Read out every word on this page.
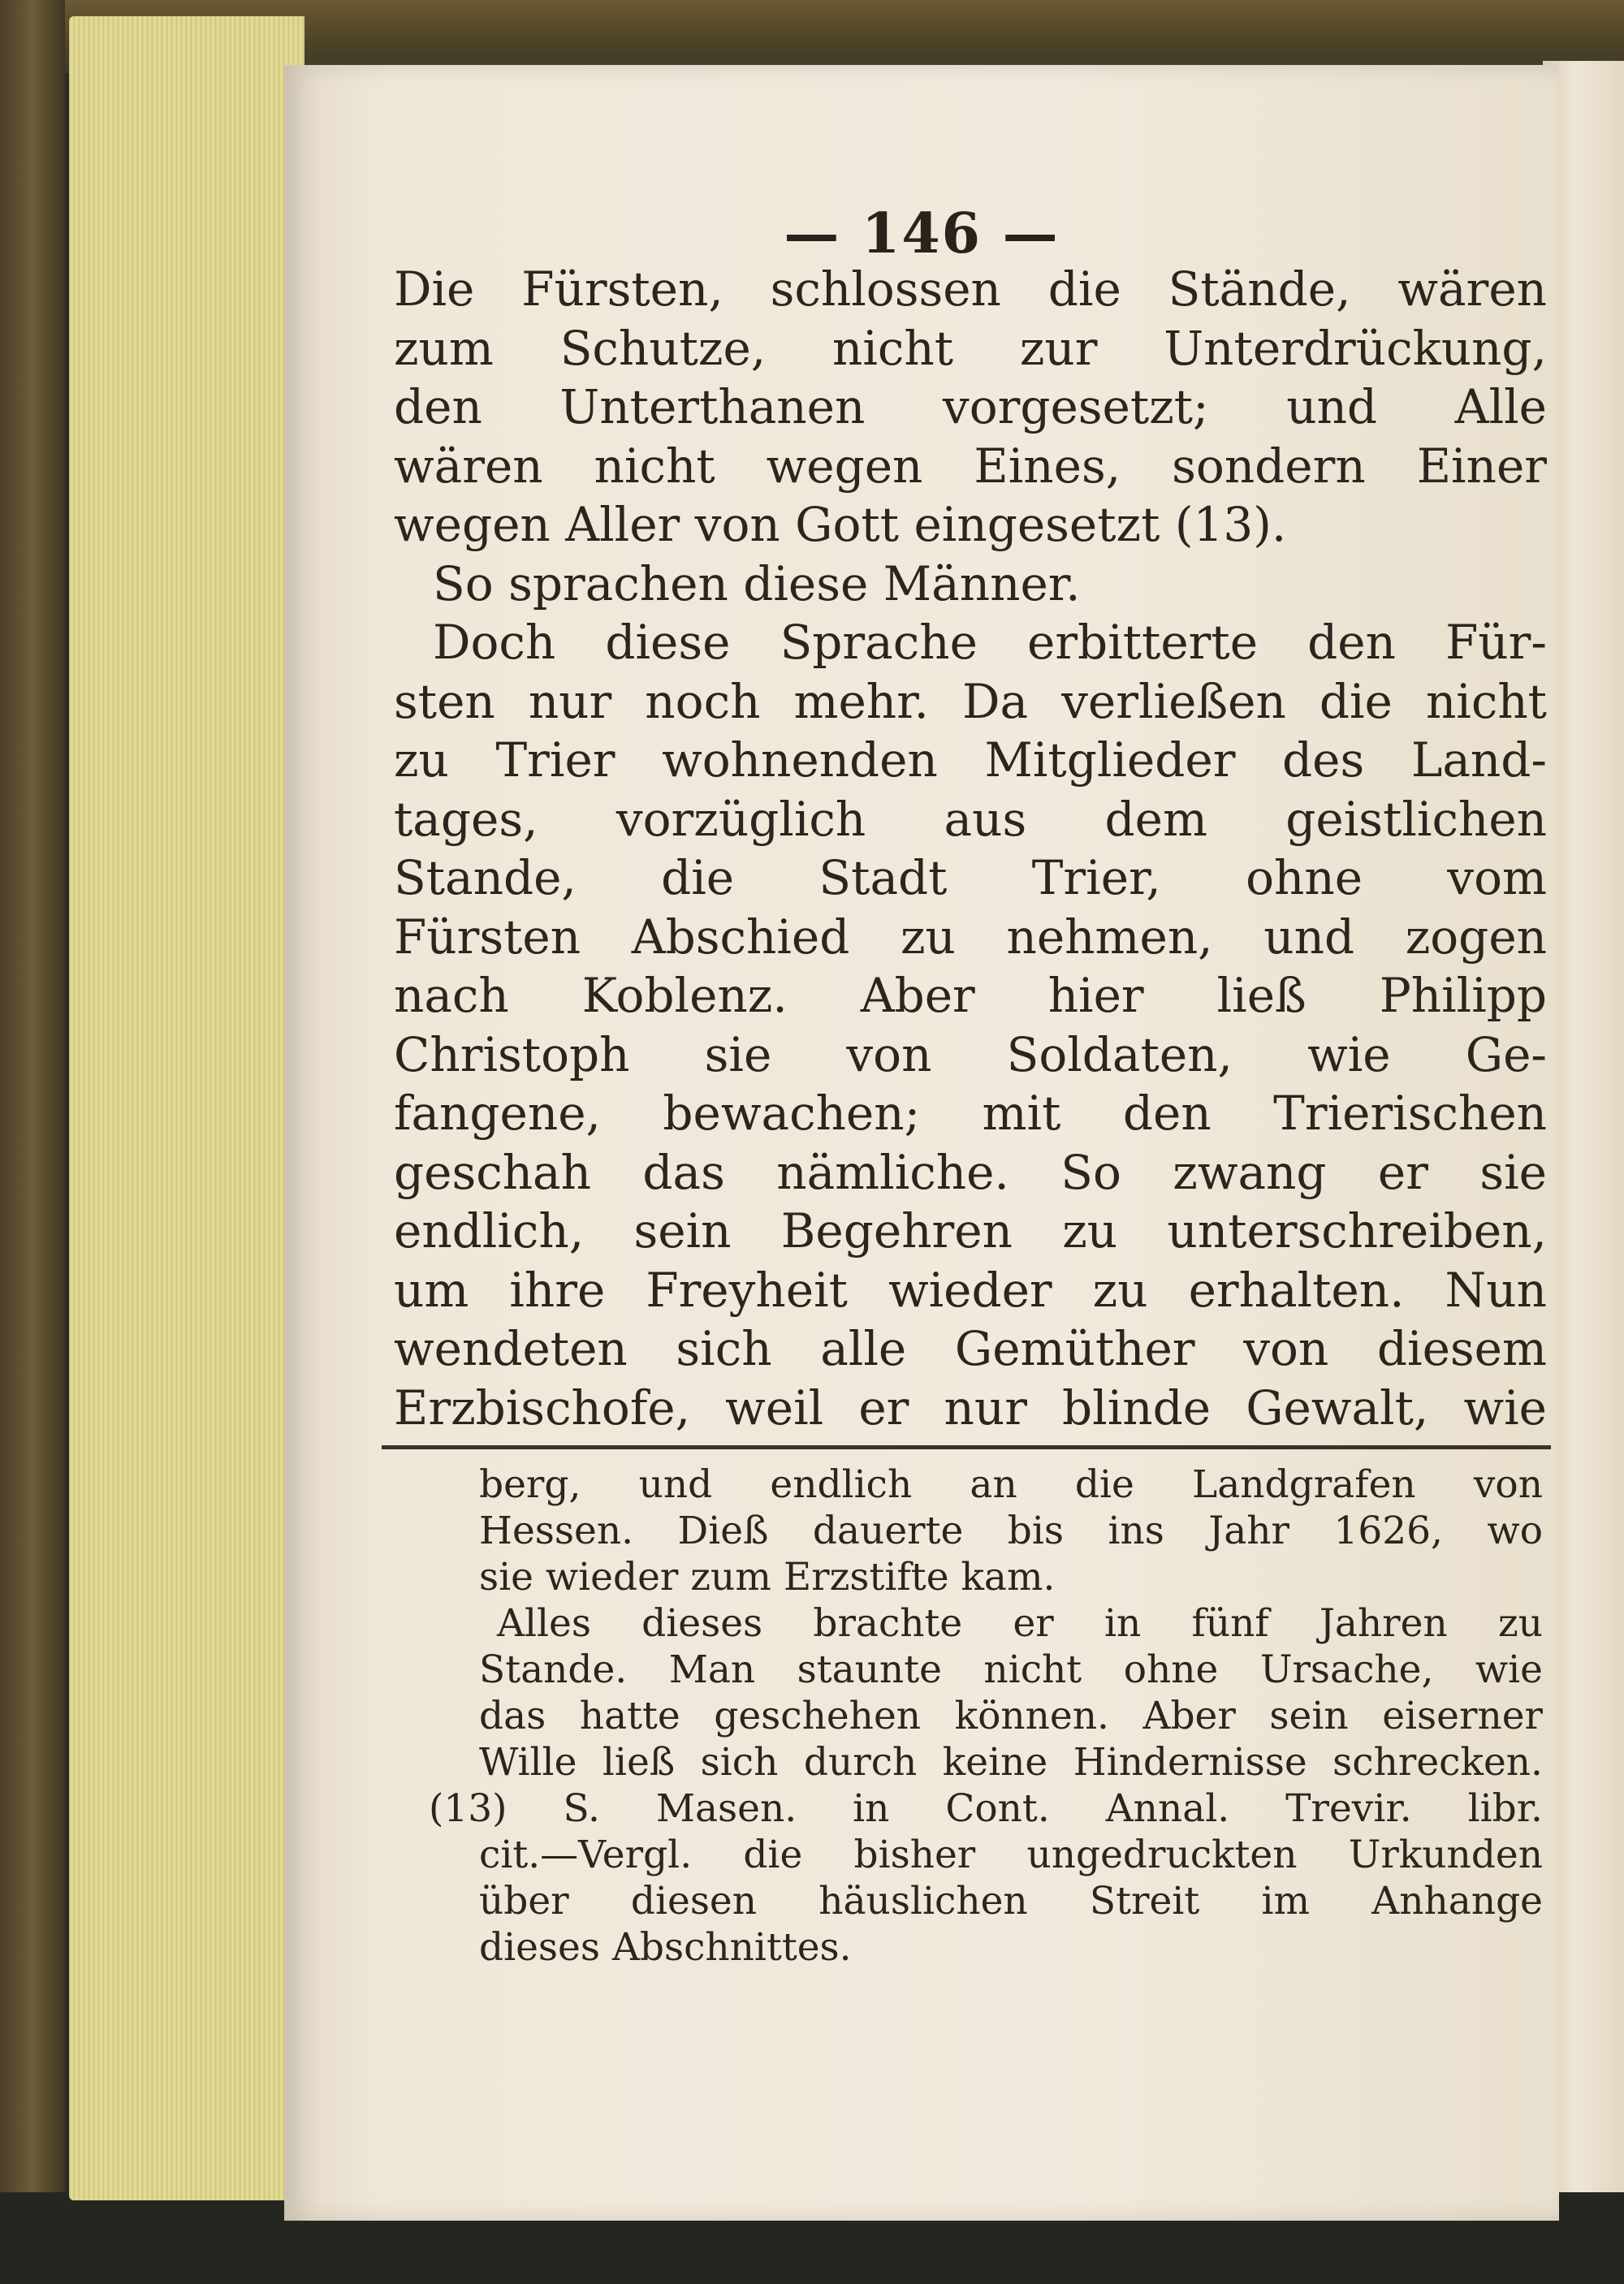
— 146 —
Die Fürsten, schlossen die Stände, wären
zum Schutze, nicht zur Unterdrückung,
den Unterthanen vorgesetzt; und Alle
wären nicht wegen Eines, sondern Einer
wegen Aller von Gott eingesetzt (13).
So sprachen diese Männer.
Doch diese Sprache erbitterte den Für-
sten nur noch mehr. Da verließen die nicht
zu Trier wohnenden Mitglieder des Land-
tages, vorzüglich aus dem geistlichen
Stande, die Stadt Trier, ohne vom
Fürsten Abschied zu nehmen, und zogen
nach Koblenz. Aber hier ließ Philipp
Christoph sie von Soldaten, wie Ge-
fangene, bewachen; mit den Trierischen
geschah das nämliche. So zwang er sie
endlich, sein Begehren zu unterschreiben,
um ihre Freyheit wieder zu erhalten. Nun
wendeten sich alle Gemüther von diesem
Erzbischofe, weil er nur blinde Gewalt, wie
berg, und endlich an die Landgrafen von
Hessen. Dieß dauerte bis ins Jahr 1626, wo
sie wieder zum Erzstifte kam.
Alles dieses brachte er in fünf Jahren zu
Stande. Man staunte nicht ohne Ursache, wie
das hatte geschehen können. Aber sein eiserner
Wille ließ sich durch keine Hindernisse schrecken.
(13) S. Masen. in Cont. Annal. Trevir. libr.
cit.—Vergl. die bisher ungedruckten Urkunden
über diesen häuslichen Streit im Anhange
dieses Abschnittes.
